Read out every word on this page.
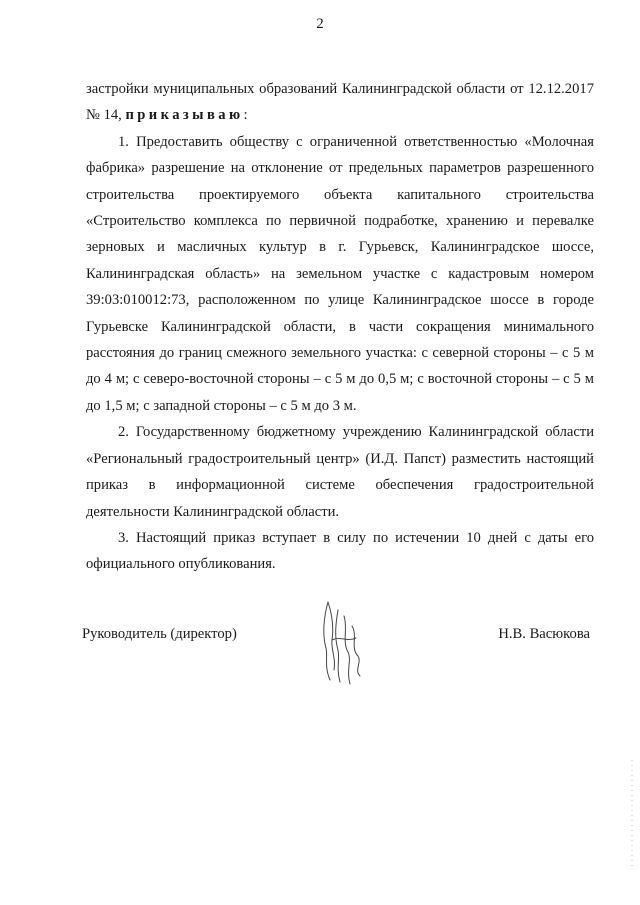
2

застройки муниципальных образований Калининградской области от 12.12.2017 № 14, приказываю:

1. Предоставить обществу с ограниченной ответственностью «Молочная фабрика» разрешение на отклонение от предельных параметров разрешенного строительства проектируемого объекта капитального строительства «Строительство комплекса по первичной подработке, хранению и перевалке зерновых и масличных культур в г. Гурьевск, Калининградское шоссе, Калининградская область» на земельном участке с кадастровым номером 39:03:010012:73, расположенном по улице Калининградское шоссе в городе Гурьевске Калининградской области, в части сокращения минимального расстояния до границ смежного земельного участка: с северной стороны – с 5 м до 4 м; с северо-восточной стороны – с 5 м до 0,5 м; с восточной стороны – с 5 м до 1,5 м; с западной стороны – с 5 м до 3 м.

2. Государственному бюджетному учреждению Калининградской области «Региональный градостроительный центр» (И.Д. Папст) разместить настоящий приказ в информационной системе обеспечения градостроительной деятельности Калининградской области.

3. Настоящий приказ вступает в силу по истечении 10 дней с даты его официального опубликования.

Руководитель (директор)	Н.В. Васюкова
